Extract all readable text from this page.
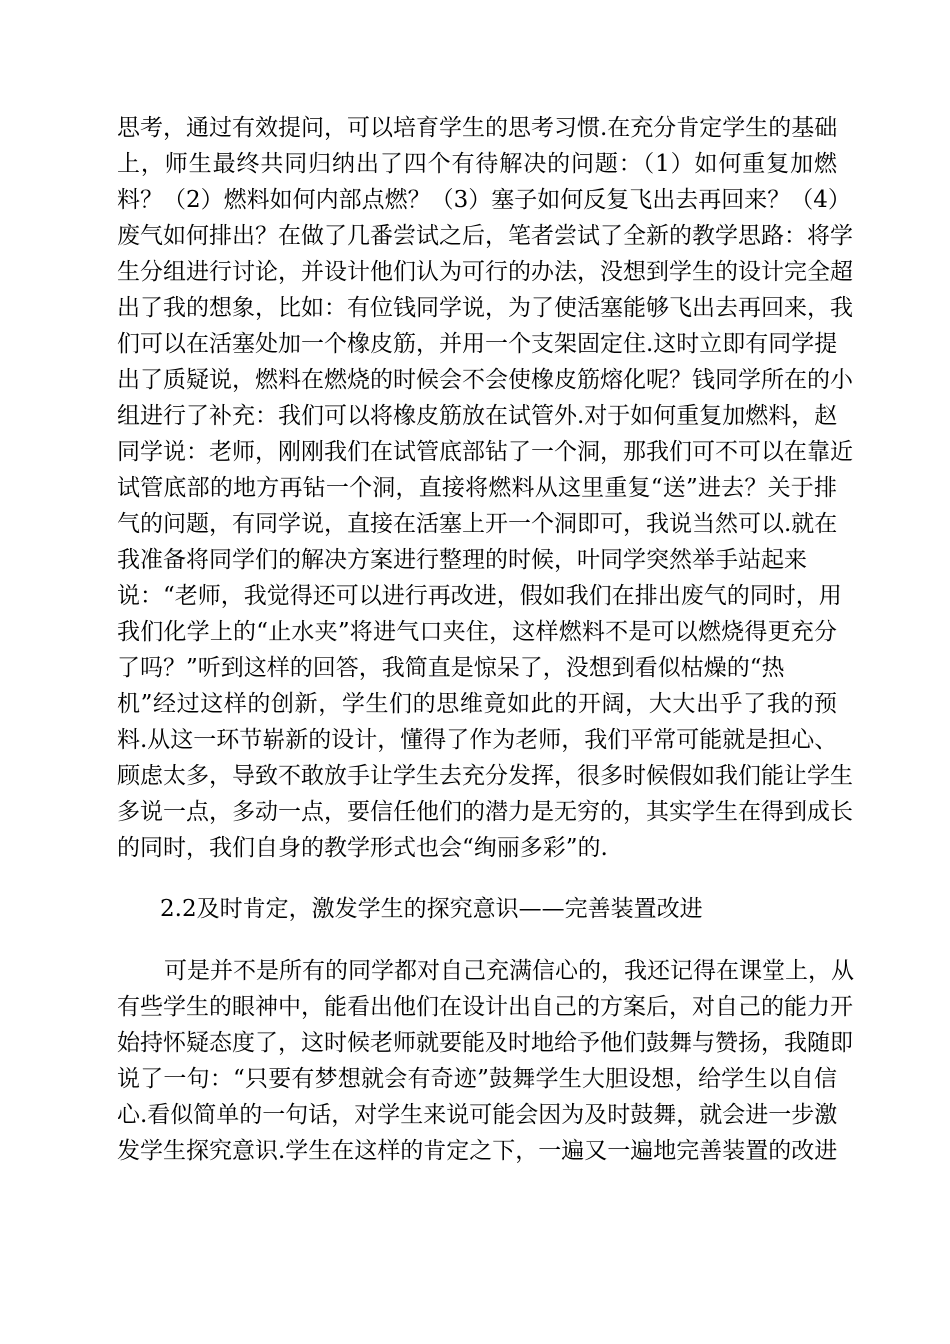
思考，通过有效提问，可以培育学生的思考习惯.在充分肯定学生的基础
上，师生最终共同归纳出了四个有待解决的问题：（1）如何重复加燃
料？（2）燃料如何内部点燃？（3）塞子如何反复飞出去再回来？（4）
废气如何排出？在做了几番尝试之后，笔者尝试了全新的教学思路：将学
生分组进行讨论，并设计他们认为可行的办法，没想到学生的设计完全超
出了我的想象，比如：有位钱同学说，为了使活塞能够飞出去再回来，我
们可以在活塞处加一个橡皮筋，并用一个支架固定住.这时立即有同学提
出了质疑说，燃料在燃烧的时候会不会使橡皮筋熔化呢？钱同学所在的小
组进行了补充：我们可以将橡皮筋放在试管外.对于如何重复加燃料，赵
同学说：老师，刚刚我们在试管底部钻了一个洞，那我们可不可以在靠近
试管底部的地方再钻一个洞，直接将燃料从这里重复“送”进去？关于排
气的问题，有同学说，直接在活塞上开一个洞即可，我说当然可以.就在
我准备将同学们的解决方案进行整理的时候，叶同学突然举手站起来
说：“老师，我觉得还可以进行再改进，假如我们在排出废气的同时，用
我们化学上的“止水夹”将进气口夹住，这样燃料不是可以燃烧得更充分
了吗？”听到这样的回答，我简直是惊呆了，没想到看似枯燥的“热
机”经过这样的创新，学生们的思维竟如此的开阔，大大出乎了我的预
料.从这一环节崭新的设计，懂得了作为老师，我们平常可能就是担心、
顾虑太多，导致不敢放手让学生去充分发挥，很多时候假如我们能让学生
多说一点，多动一点，要信任他们的潜力是无穷的，其实学生在得到成长
的同时，我们自身的教学形式也会“绚丽多彩”的.
2.2及时肯定，激发学生的探究意识——完善装置改进
可是并不是所有的同学都对自己充满信心的，我还记得在课堂上，从
有些学生的眼神中，能看出他们在设计出自己的方案后，对自己的能力开
始持怀疑态度了，这时候老师就要能及时地给予他们鼓舞与赞扬，我随即
说了一句：“只要有梦想就会有奇迹”鼓舞学生大胆设想，给学生以自信
心.看似简单的一句话，对学生来说可能会因为及时鼓舞，就会进一步激
发学生探究意识.学生在这样的肯定之下，一遍又一遍地完善装置的改进
